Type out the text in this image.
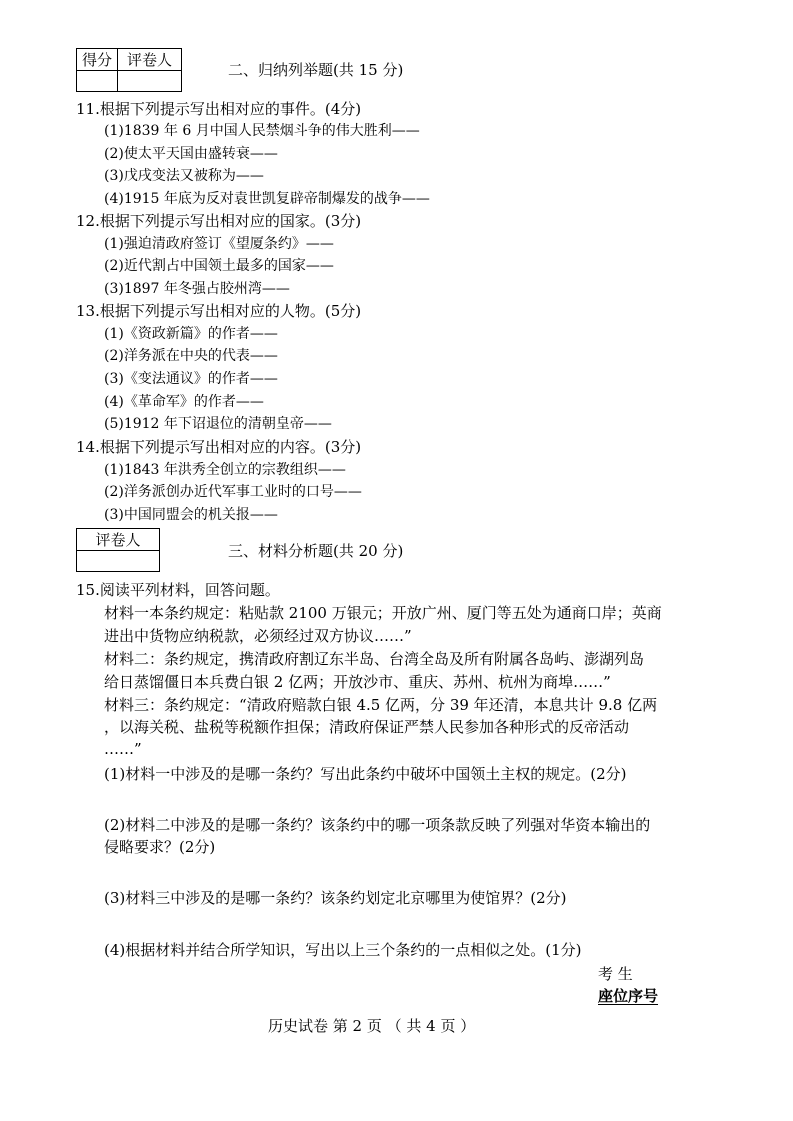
得分	评卷人

二、归纳列举题(共 15 分)
11.根据下列提示写出相对应的事件。(4分)
(1)1839 年 6 月中国人民禁烟斗争的伟大胜利——
(2)使太平天国由盛转衰——
(3)戊戌变法又被称为——
(4)1915 年底为反对袁世凯复辟帝制爆发的战争——
12.根据下列提示写出相对应的国家。(3分)
(1)强迫清政府签订《望厦条约》——
(2)近代割占中国领土最多的国家——
(3)1897 年冬强占胶州湾——
13.根据下列提示写出相对应的人物。(5分)
(1)《资政新篇》的作者——
(2)洋务派在中央的代表——
(3)《变法通议》的作者——
(4)《革命军》的作者——
(5)1912 年下诏退位的清朝皇帝——
14.根据下列提示写出相对应的内容。(3分)
(1)1843 年洪秀全创立的宗教组织——
(2)洋务派创办近代军事工业时的口号——
(3)中国同盟会的机关报——
评卷人

三、材料分析题(共 20 分)
15.阅读平列材料，回答问题。
材料一本条约规定：粘贴款 2100 万银元；开放广州、厦门等五处为通商口岸；英商
进出中货物应纳税款，必须经过双方协议……”
材料二：条约规定，携清政府割辽东半岛、台湾全岛及所有附属各岛屿、澎湖列岛
给日蒸馏僵日本兵费白银 2 亿两；开放沙市、重庆、苏州、杭州为商埠……”
材料三：条约规定：“清政府赔款白银 4.5 亿两，分 39 年还清，本息共计 9.8 亿两
，以海关税、盐税等税额作担保；清政府保证严禁人民参加各种形式的反帝活动
……”
(1)材料一中涉及的是哪一条约？写出此条约中破坏中国领土主权的规定。(2分)
(2)材料二中涉及的是哪一条约？该条约中的哪一项条款反映了列强对华资本输出的
侵略要求？(2分)
(3)材料三中涉及的是哪一条约？该条约划定北京哪里为使馆界？(2分)
(4)根据材料并结合所学知识，写出以上三个条约的一点相似之处。(1分)
考 生
座位序号
历史试卷 第 2 页 （ 共 4 页 ）
